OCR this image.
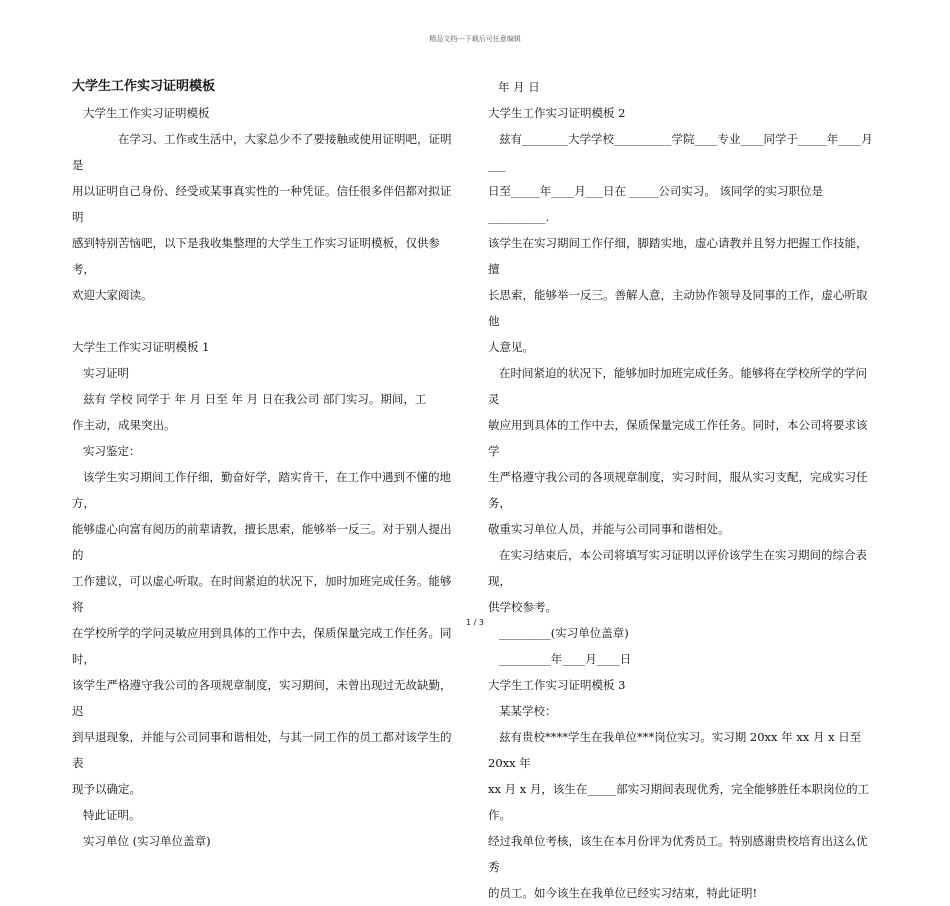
精品文档---下载后可任意编辑

大学生工作实习证明模板

大学生工作实习证明模板

在学习、工作或生活中，大家总少不了要接触或使用证明吧，证明是

用以证明自己身份、经受或某事真实性的一种凭证。信任很多伴侣都对拟证明

感到特别苦恼吧，以下是我收集整理的大学生工作实习证明模板，仅供参考，

欢迎大家阅读。

大学生工作实习证明模板 1

实习证明

兹有 学校 同学于 年 月 日至 年 月 日在我公司 部门实习。期间，工

作主动，成果突出。

实习鉴定：

该学生实习期间工作仔细，勤奋好学，踏实肯干，在工作中遇到不懂的地方，

能够虚心向富有阅历的前辈请教，擅长思索，能够举一反三。对于别人提出的

工作建议，可以虚心听取。在时间紧迫的状况下，加时加班完成任务。能够将

在学校所学的学问灵敏应用到具体的工作中去，保质保量完成工作任务。同时，

该学生严格遵守我公司的各项规章制度，实习期间，未曾出现过无故缺勤，迟

到早退现象，并能与公司同事和谐相处，与其一同工作的员工都对该学生的表

现予以确定。

特此证明。

实习单位 (实习单位盖章)

年 月 日

大学生工作实习证明模板 2

兹有________大学学校__________学院____专业____同学于_____年____月___

日至_____年____月___日在 _____公司实习。 该同学的实习职位是__________.

该学生在实习期间工作仔细，脚踏实地，虚心请教并且努力把握工作技能，擅

长思索，能够举一反三。善解人意，主动协作领导及同事的工作，虚心听取他

人意见。

在时间紧迫的状况下，能够加时加班完成任务。能够将在学校所学的学问灵

敏应用到具体的工作中去，保质保量完成工作任务。同时，本公司将要求该学

生严格遵守我公司的各项规章制度，实习时间，服从实习支配，完成实习任务，

敬重实习单位人员，并能与公司同事和谐相处。

在实习结束后，本公司将填写实习证明以评价该学生在实习期间的综合表现，

供学校参考。

_________(实习单位盖章)

_________年____月____日

大学生工作实习证明模板 3

某某学校：

兹有贵校****学生在我单位***岗位实习。实习期 20xx 年 xx 月 x 日至 20xx 年

xx 月 x 月，该生在_____部实习期间表现优秀，完全能够胜任本职岗位的工作。

经过我单位考核，该生在本月份评为优秀员工。特别感谢贵校培育出这么优秀

的员工。如今该生在我单位已经实习结束，特此证明!

1 / 3
